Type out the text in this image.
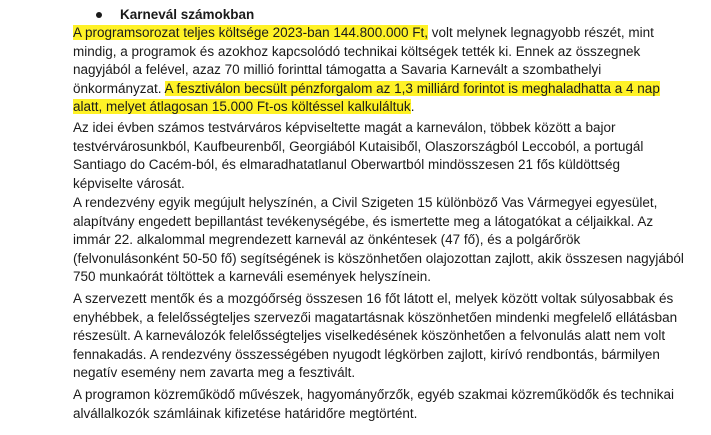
Karnevál számokban
A programsorozat teljes költsége 2023-ban 144.800.000 Ft, volt melynek legnagyobb részét, mint
mindig, a programok és azokhoz kapcsolódó technikai költségek tették ki. Ennek az összegnek
nagyjából a felével, azaz 70 millió forinttal támogatta a Savaria Karnevált a szombathelyi
önkormányzat. A fesztiválon becsült pénzforgalom az 1,3 milliárd forintot is meghaladhatta a 4 nap
alatt, melyet átlagosan 15.000 Ft-os költéssel kalkuláltuk.
Az idei évben számos testvárváros képviseltette magát a karneválon, többek között a bajor
testvérvárosunkból, Kaufbeurenből, Georgiából Kutaisiből, Olaszországból Leccoból, a portugál
Santiago do Cacém-ból, és elmaradhatatlanul Oberwartból mindösszesen 21 fős küldöttség
képviselte városát.
A rendezvény egyik megújult helyszínén, a Civil Szigeten 15 különböző Vas Vármegyei egyesület,
alapítvány engedett bepillantást tevékenységébe, és ismertette meg a látogatókat a céljaikkal. Az
immár 22. alkalommal megrendezett karnevál az önkéntesek (47 fő), és a polgárőrök
(felvonulásonként 50-50 fő) segítségének is köszönhetően olajozottan zajlott, akik összesen nagyjából
750 munkaórát töltöttek a karneváli események helyszínein.
A szervezett mentők és a mozgóőrség összesen 16 főt látott el, melyek között voltak súlyosabbak és
enyhébbek, a felelősségteljes szervezői magatartásnak köszönhetően mindenki megfelelő ellátásban
részesült. A karneválozók felelősségteljes viselkedésének köszönhetően a felvonulás alatt nem volt
fennakadás. A rendezvény összességében nyugodt légkörben zajlott, kirívó rendbontás, bármilyen
negatív esemény nem zavarta meg a fesztivált.
A programon közreműködő művészek, hagyományőrzők, egyéb szakmai közreműködők és technikai
alvállalkozók számláinak kifizetése határidőre megtörtént.
